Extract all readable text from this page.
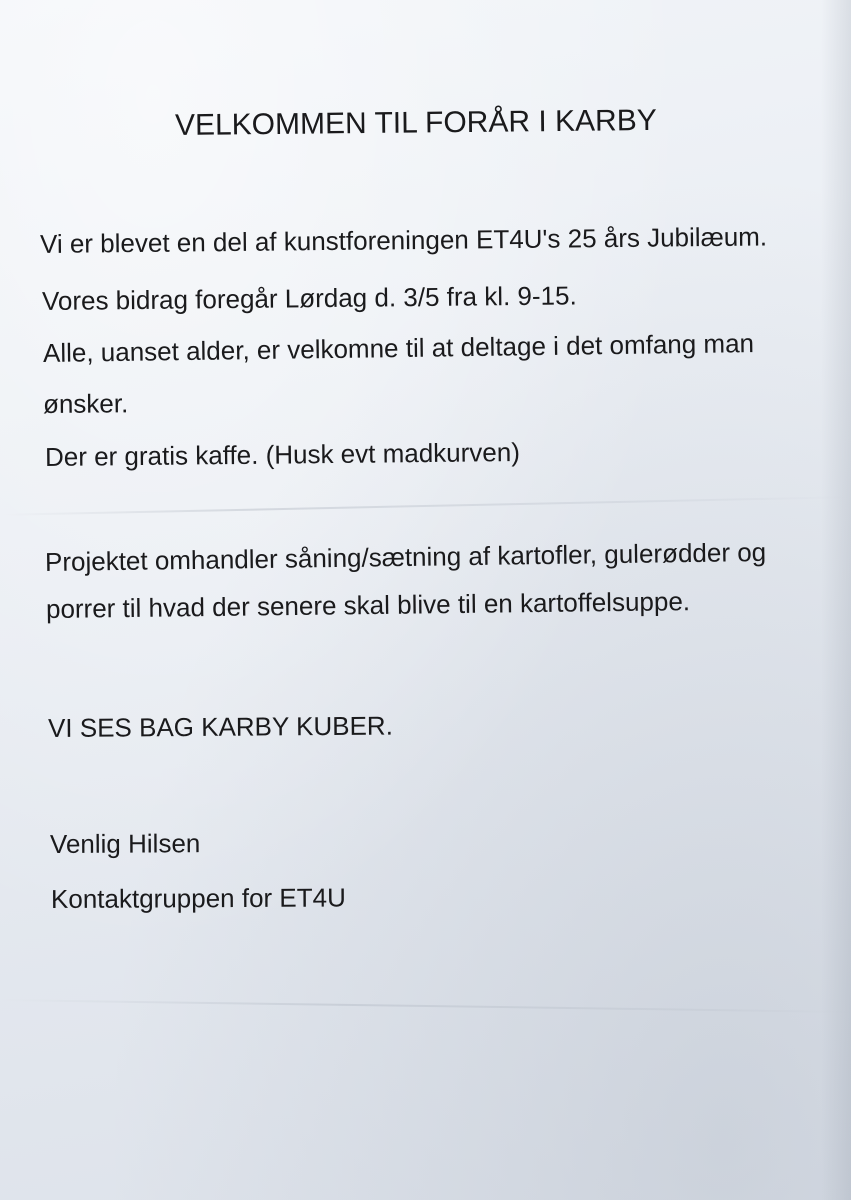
VELKOMMEN TIL FORÅR I KARBY
Vi er blevet en del af kunstforeningen ET4U's 25 års Jubilæum.
Vores bidrag foregår Lørdag d. 3/5 fra kl. 9-15.
Alle, uanset alder, er velkomne til at deltage i det omfang man
ønsker.
Der er gratis kaffe. (Husk evt madkurven)
Projektet omhandler såning/sætning af kartofler, gulerødder og
porrer til hvad der senere skal blive til en kartoffelsuppe.
VI SES BAG KARBY KUBER.
Venlig Hilsen
Kontaktgruppen for ET4U
